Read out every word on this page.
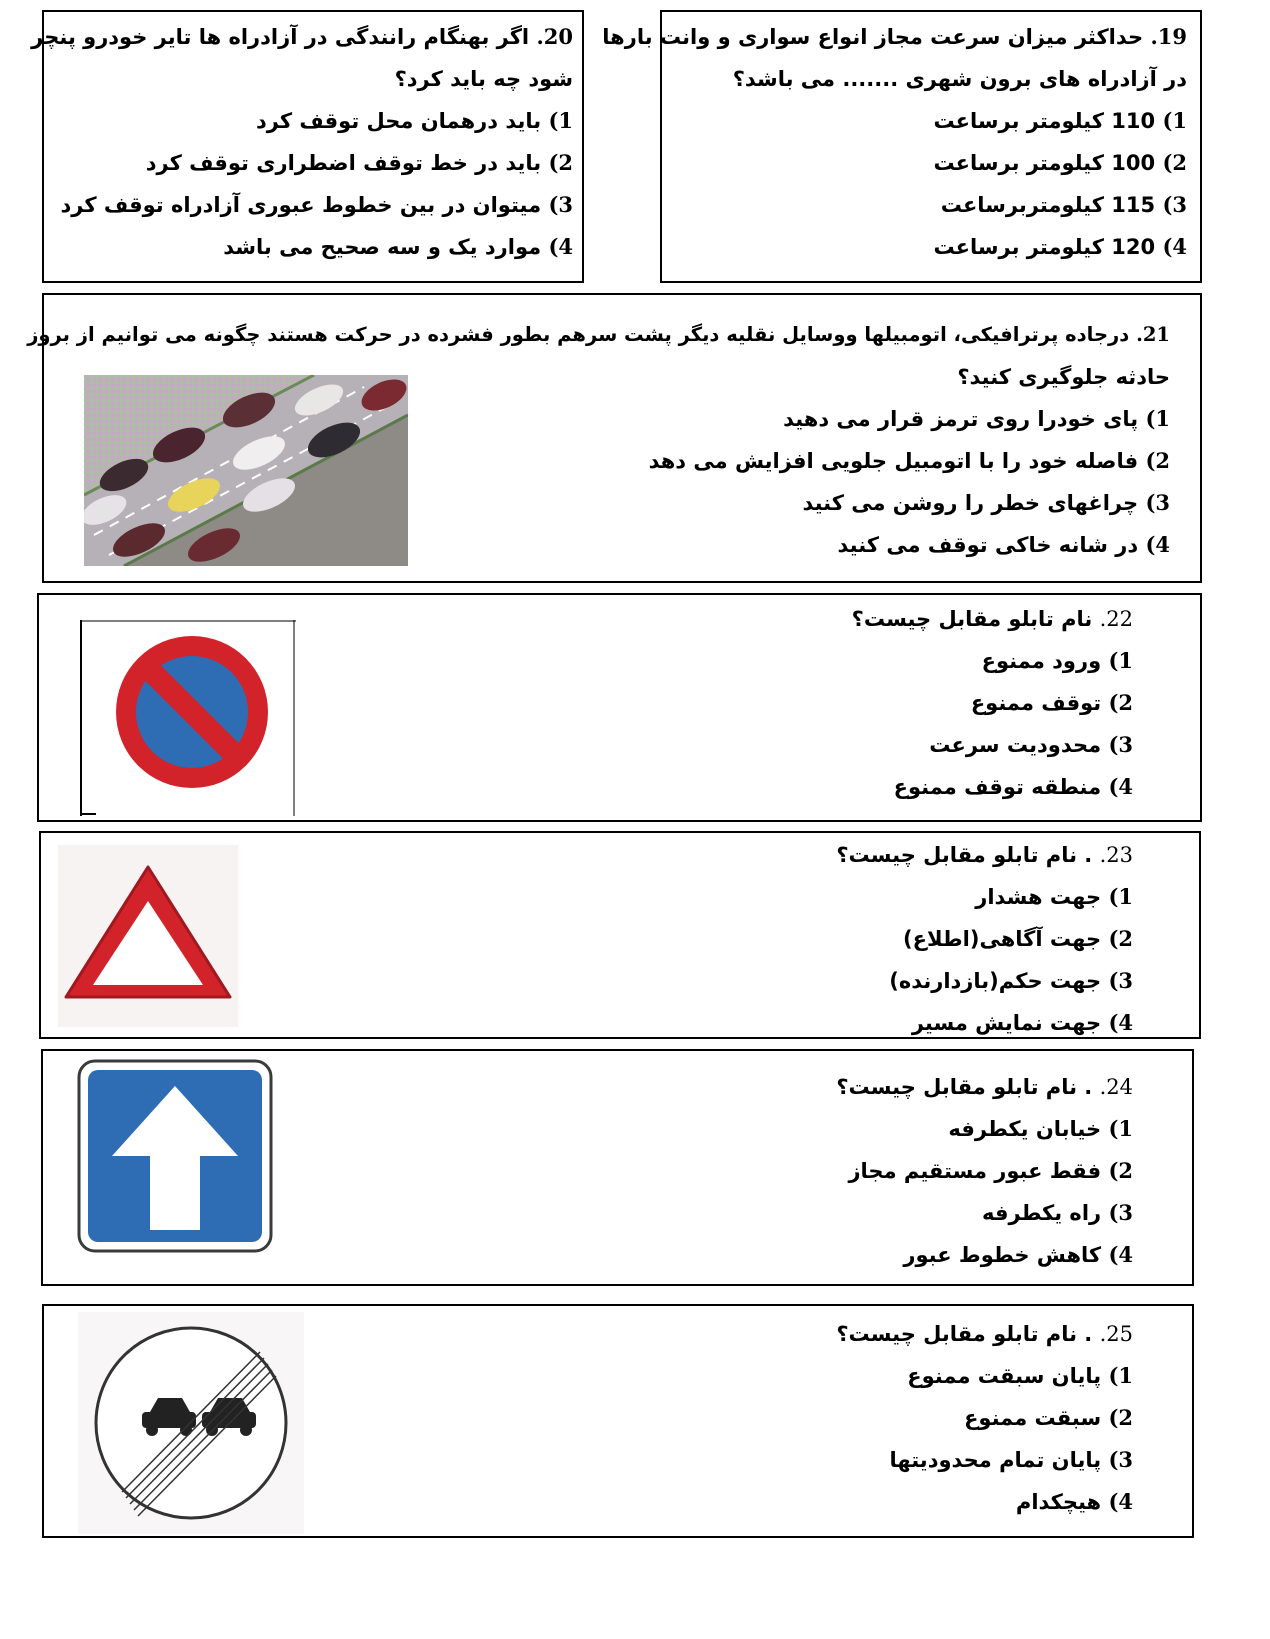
20. اگر بهنگام رانندگی در آزادراه ها تایر خودرو پنچر
شود چه باید کرد؟
1) باید درهمان محل توقف کرد
2) باید در خط توقف اضطراری توقف کرد
3) میتوان در بین خطوط عبوری آزادراه توقف کرد
4) موارد یک و سه صحیح می باشد
19. حداکثر میزان سرعت مجاز انواع سواری و وانت بارها
در آزادراه های برون شهری ....... می باشد؟
1) 110 کیلومتر برساعت
2) 100 کیلومتر برساعت
3) 115 کیلومتربرساعت
4) 120 کیلومتر برساعت
21. درجاده پرترافیکی، اتومبیلها ووسایل نقلیه دیگر پشت سرهم بطور فشرده در حرکت هستند چگونه می توانیم از بروز
حادثه جلوگیری کنید؟
1) پای خودرا روی ترمز قرار می دهید
2) فاصله خود را با اتومبیل جلویی افزایش می دهد
3) چراغهای خطر را روشن می کنید
4) در شانه خاکی توقف می کنید
22. نام تابلو مقابل چیست؟
1) ورود ممنوع
2) توقف ممنوع
3) محدودیت سرعت
4) منطقه توقف ممنوع
23. . نام تابلو مقابل چیست؟
1) جهت هشدار
2) جهت آگاهی(اطلاع)
3) جهت حکم(بازدارنده)
4) جهت نمایش مسیر
24. . نام تابلو مقابل چیست؟
1) خیابان یکطرفه
2) فقط عبور مستقیم مجاز
3) راه یکطرفه
4) کاهش خطوط عبور
25. . نام تابلو مقابل چیست؟
1) پایان سبقت ممنوع
2) سبقت ممنوع
3) پایان تمام محدودیتها
4) هیچکدام
